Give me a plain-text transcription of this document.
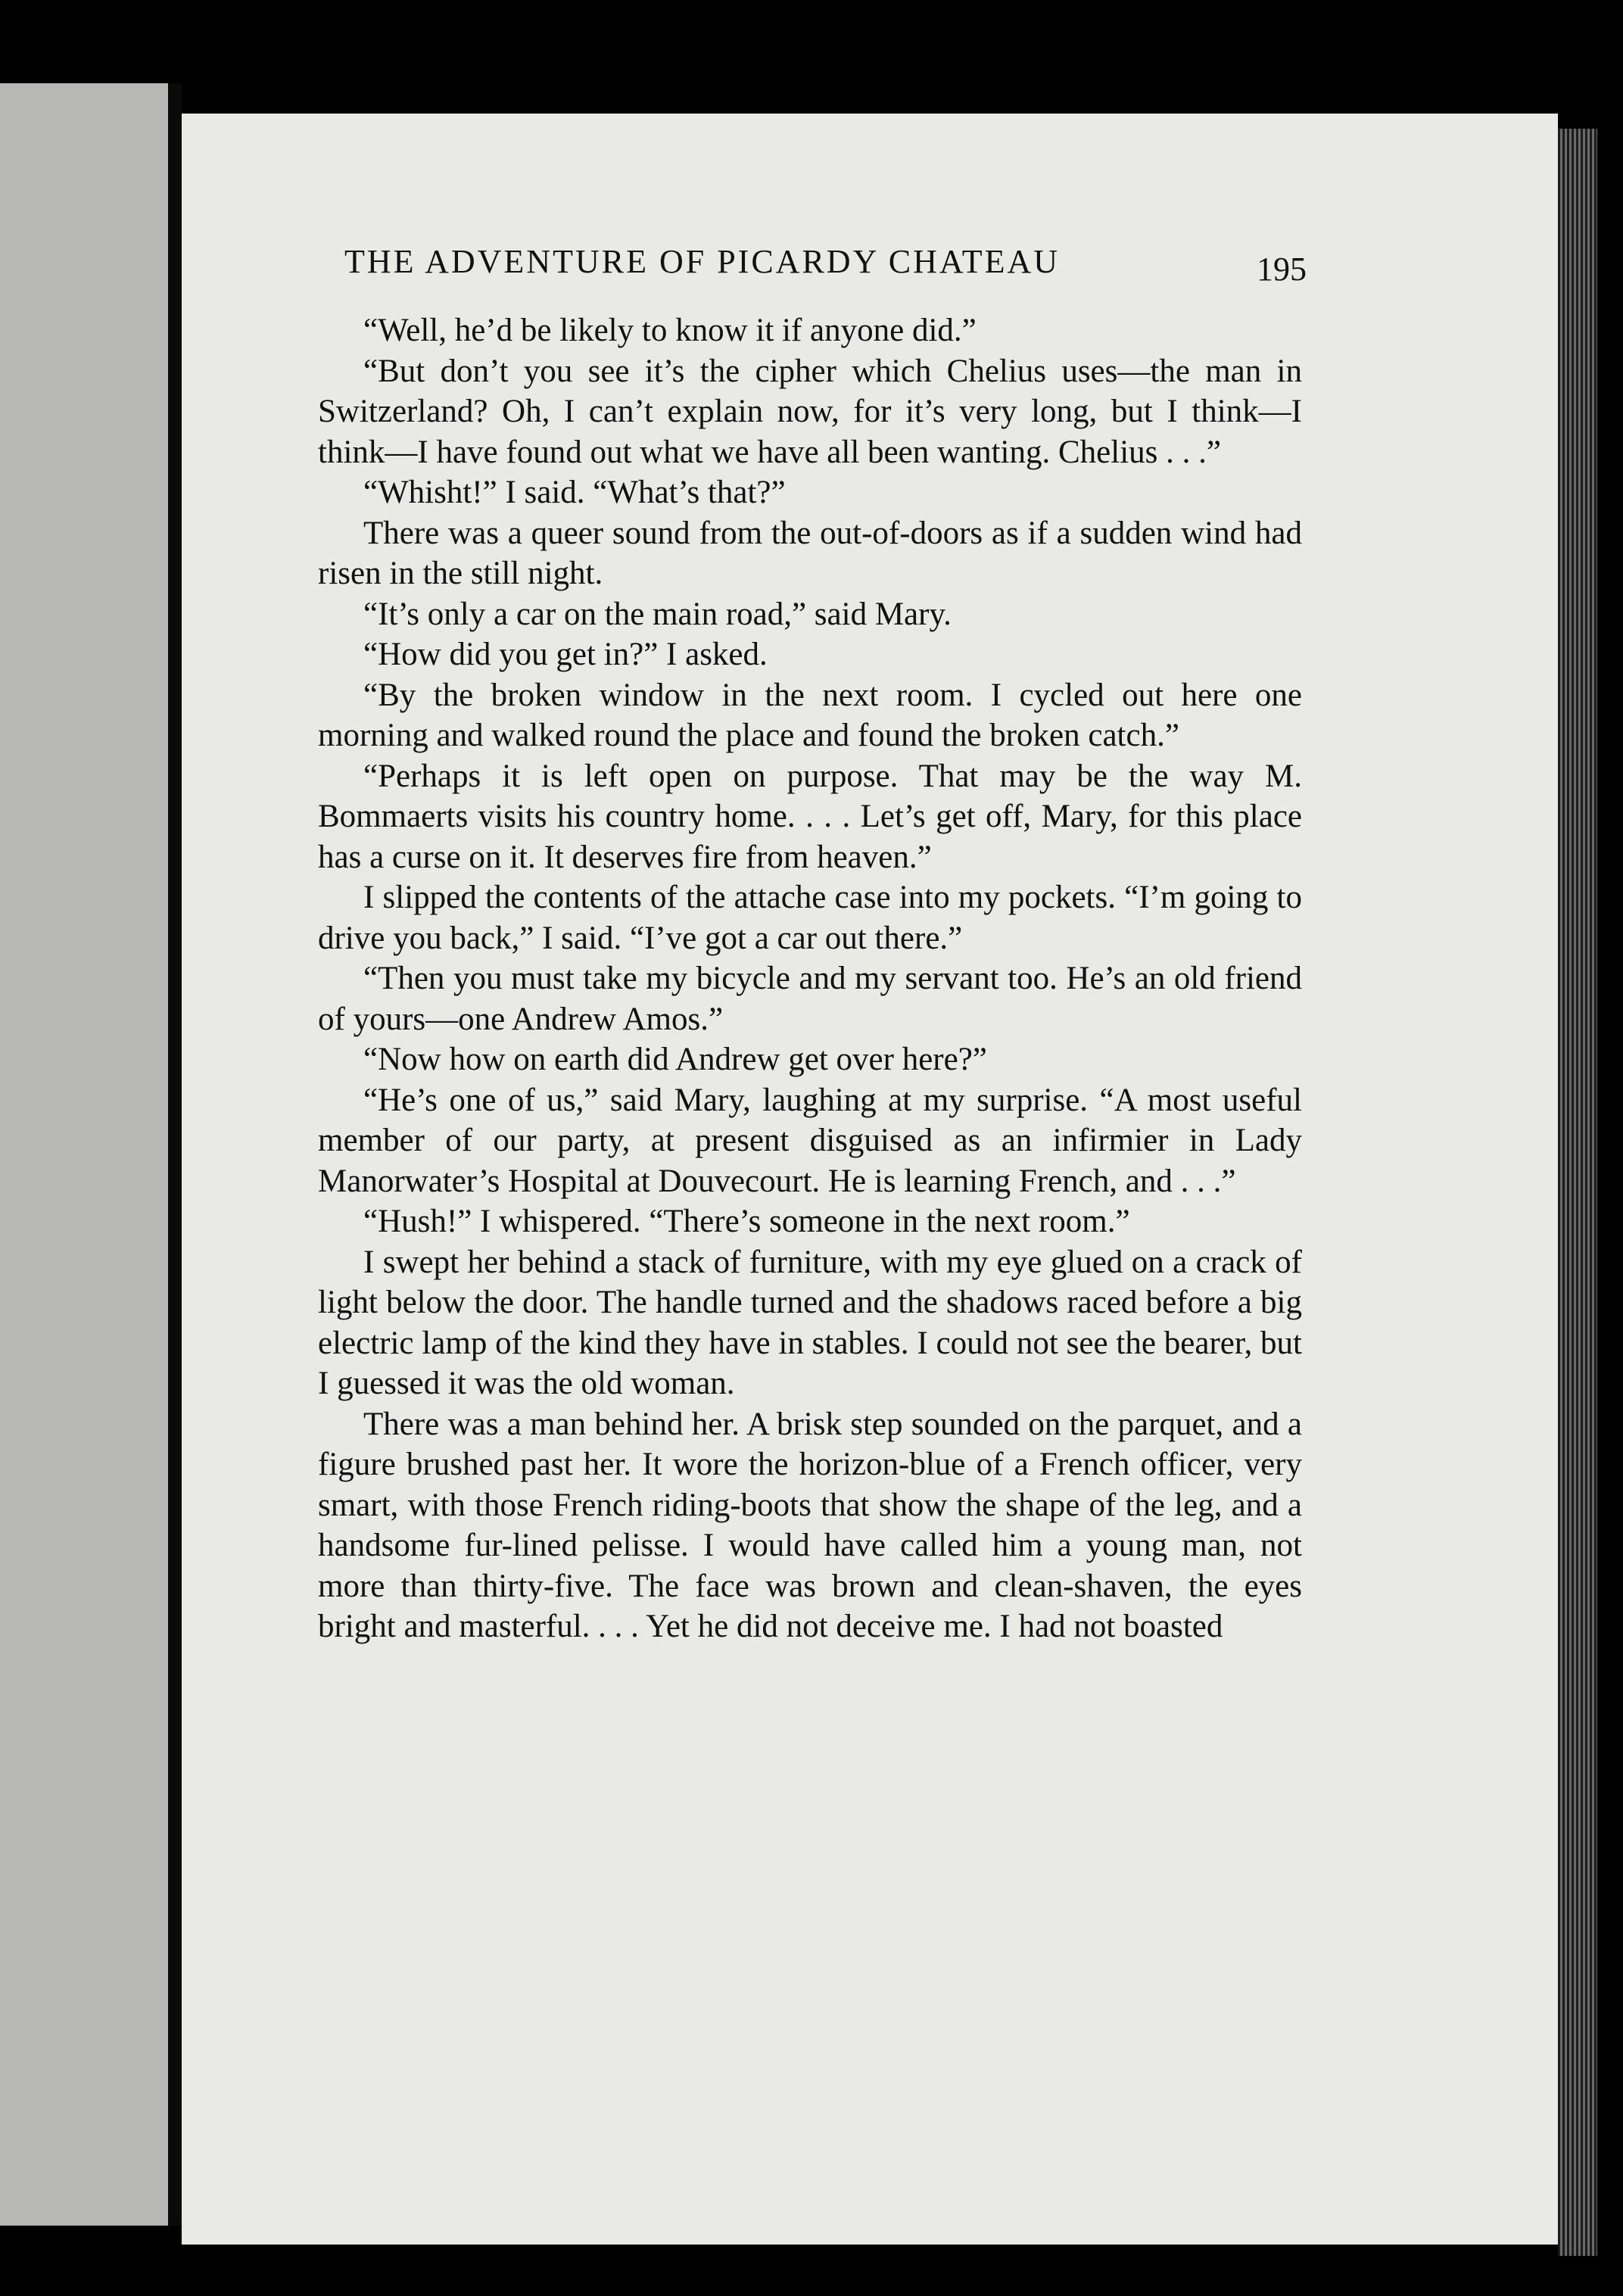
THE ADVENTURE OF PICARDY CHATEAU	195

“Well, he’d be likely to know it if anyone did.”

“But don’t you see it’s the cipher which Chelius uses—the man in Switzerland? Oh, I can’t explain now, for it’s very long, but I think—I think—I have found out what we have all been wanting. Chelius . . .”

“Whisht!” I said. “What’s that?”

There was a queer sound from the out-of-doors as if a sudden wind had risen in the still night.

“It’s only a car on the main road,” said Mary.

“How did you get in?” I asked.

“By the broken window in the next room. I cycled out here one morning and walked round the place and found the broken catch.”

“Perhaps it is left open on purpose. That may be the way M. Bommaerts visits his country home. . . . Let’s get off, Mary, for this place has a curse on it. It deserves fire from heaven.”

I slipped the contents of the attache case into my pockets. “I’m going to drive you back,” I said. “I’ve got a car out there.”

“Then you must take my bicycle and my servant too. He’s an old friend of yours—one Andrew Amos.”

“Now how on earth did Andrew get over here?”

“He’s one of us,” said Mary, laughing at my surprise. “A most useful member of our party, at present disguised as an infirmier in Lady Manorwater’s Hospital at Douvecourt. He is learning French, and . . .”

“Hush!” I whispered. “There’s someone in the next room.”

I swept her behind a stack of furniture, with my eye glued on a crack of light below the door. The handle turned and the shadows raced before a big electric lamp of the kind they have in stables. I could not see the bearer, but I guessed it was the old woman.

There was a man behind her. A brisk step sounded on the parquet, and a figure brushed past her. It wore the horizon-blue of a French officer, very smart, with those French riding-boots that show the shape of the leg, and a handsome fur-lined pelisse. I would have called him a young man, not more than thirty-five. The face was brown and clean-shaven, the eyes bright and masterful. . . . Yet he did not deceive me. I had not boasted
